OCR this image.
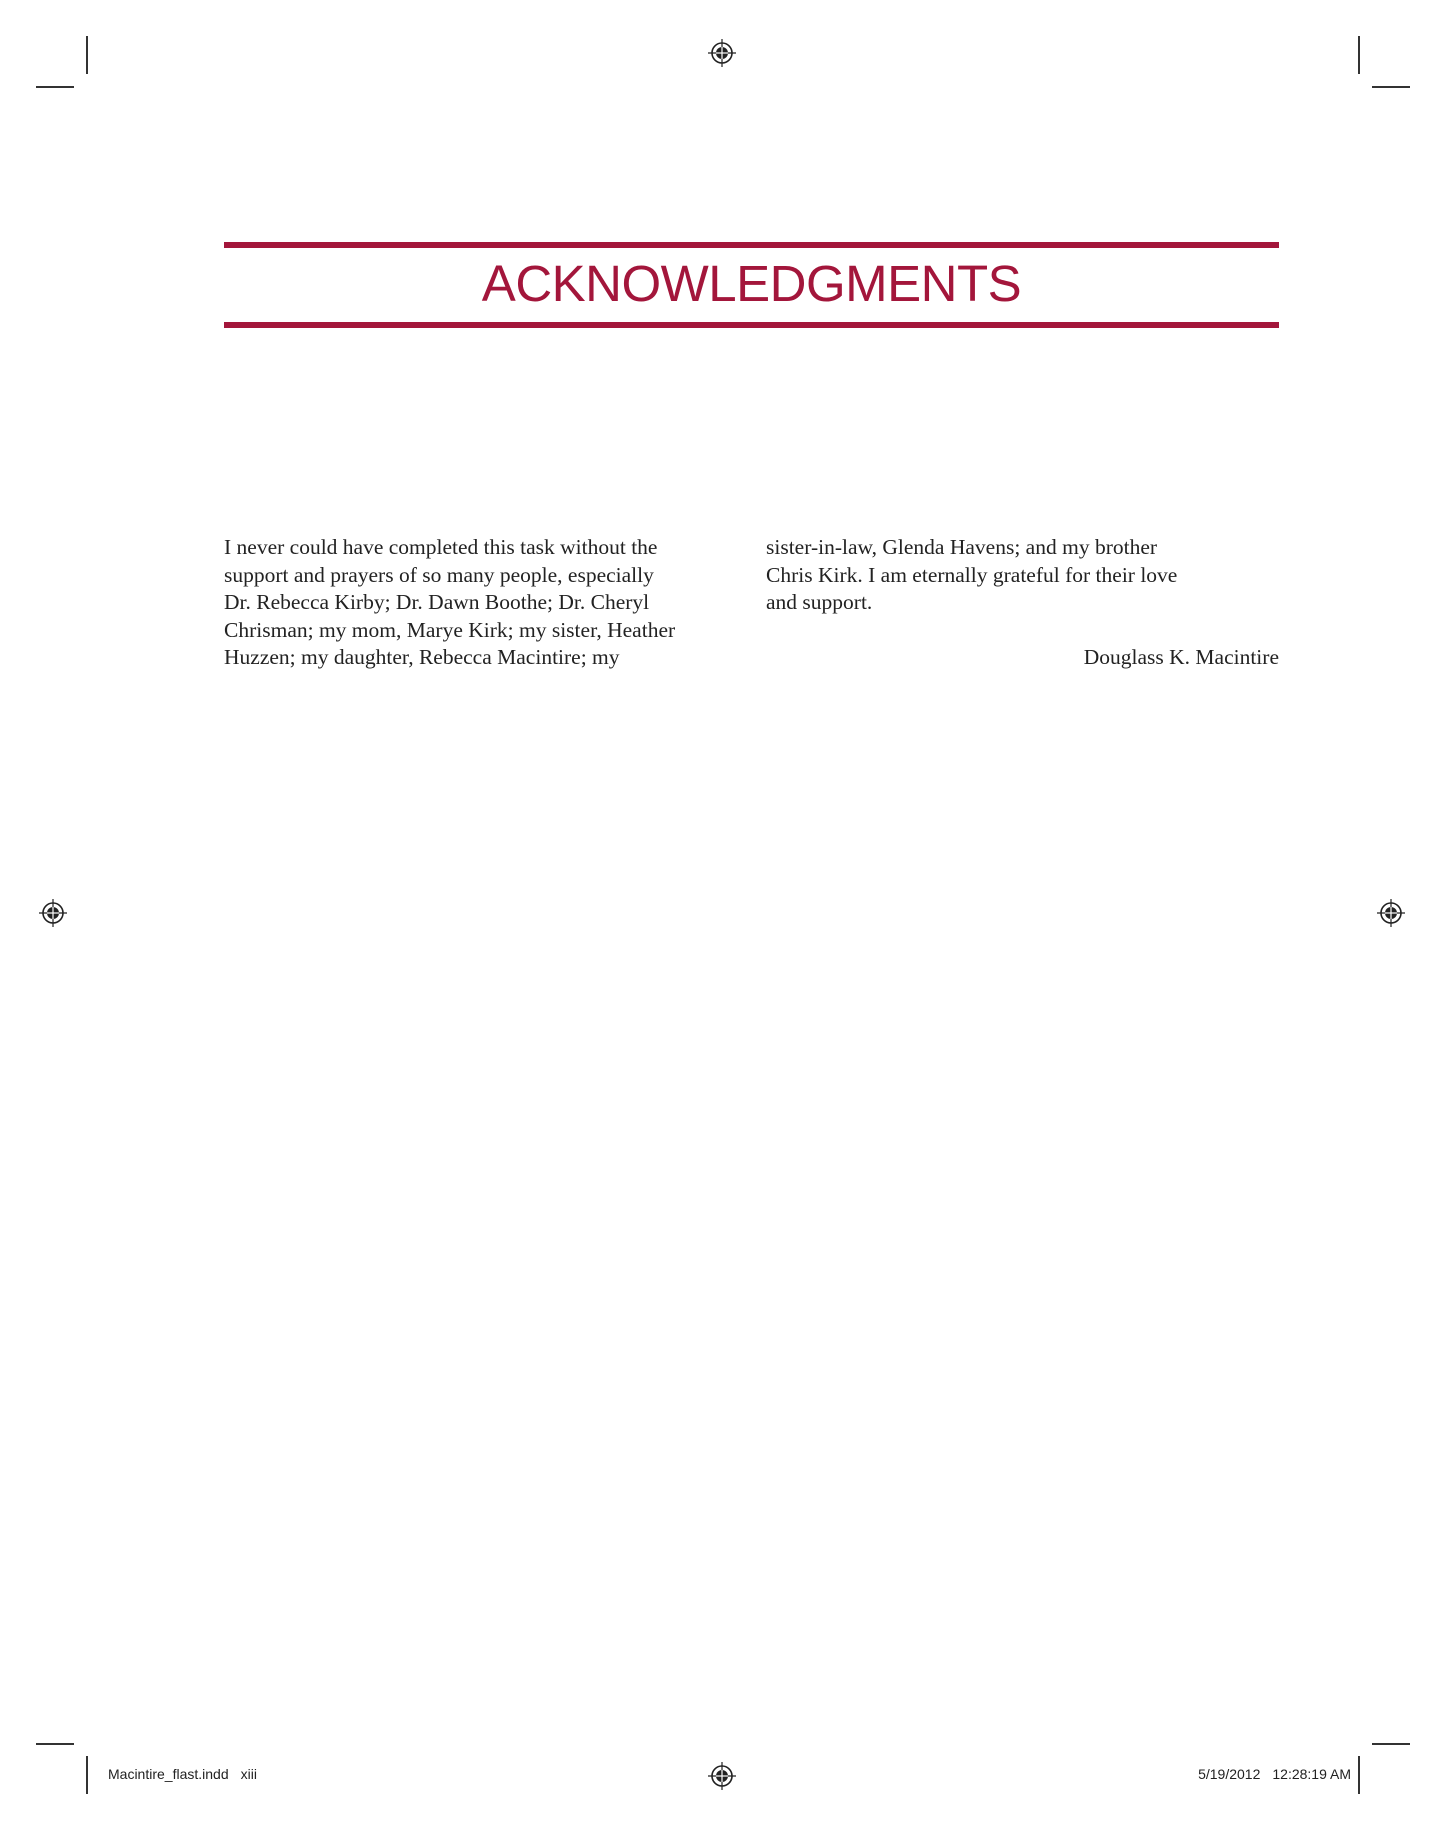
ACKNOWLEDGMENTS
I never could have completed this task without the
support and prayers of so many people, especially
Dr. Rebecca Kirby; Dr. Dawn Boothe; Dr. Cheryl
Chrisman; my mom, Marye Kirk; my sister, Heather
Huzzen; my daughter, Rebecca Macintire; my
sister-in-law, Glenda Havens; and my brother
Chris Kirk. I am eternally grateful for their love
and support.
Douglass K. Macintire
Macintire_flast.indd xiii	5/19/2012 12:28:19 AM
